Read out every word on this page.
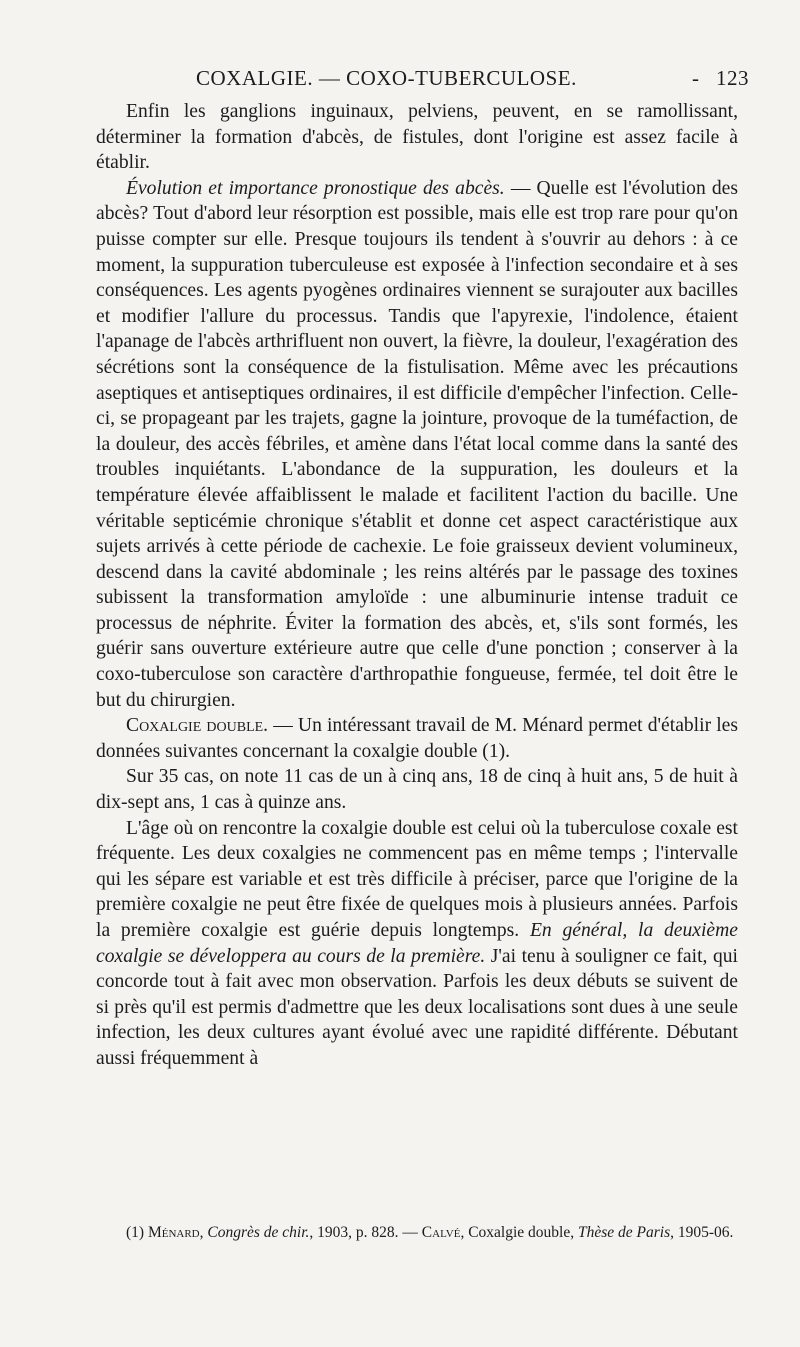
COXALGIE. — COXO-TUBERCULOSE.	- 123

Enfin les ganglions inguinaux, pelviens, peuvent, en se ramollissant, déterminer la formation d'abcès, de fistules, dont l'origine est assez facile à établir.

Évolution et importance pronostique des abcès. — Quelle est l'évolution des abcès? Tout d'abord leur résorption est possible, mais elle est trop rare pour qu'on puisse compter sur elle. Presque toujours ils tendent à s'ouvrir au dehors : à ce moment, la suppuration tuberculeuse est exposée à l'infection secondaire et à ses conséquences. Les agents pyogènes ordinaires viennent se surajouter aux bacilles et modifier l'allure du processus. Tandis que l'apyrexie, l'indolence, étaient l'apanage de l'abcès arthrifluent non ouvert, la fièvre, la douleur, l'exagération des sécrétions sont la conséquence de la fistulisation. Même avec les précautions aseptiques et antiseptiques ordinaires, il est difficile d'empêcher l'infection. Celle-ci, se propageant par les trajets, gagne la jointure, provoque de la tuméfaction, de la douleur, des accès fébriles, et amène dans l'état local comme dans la santé des troubles inquiétants. L'abondance de la suppuration, les douleurs et la température élevée affaiblissent le malade et facilitent l'action du bacille. Une véritable septicémie chronique s'établit et donne cet aspect caractéristique aux sujets arrivés à cette période de cachexie. Le foie graisseux devient volumineux, descend dans la cavité abdominale ; les reins altérés par le passage des toxines subissent la transformation amyloïde : une albuminurie intense traduit ce processus de néphrite. Éviter la formation des abcès, et, s'ils sont formés, les guérir sans ouverture extérieure autre que celle d'une ponction ; conserver à la coxo-tuberculose son caractère d'arthropathie fongueuse, fermée, tel doit être le but du chirurgien.

Coxalgie double. — Un intéressant travail de M. Ménard permet d'établir les données suivantes concernant la coxalgie double (1).

Sur 35 cas, on note 11 cas de un à cinq ans, 18 de cinq à huit ans, 5 de huit à dix-sept ans, 1 cas à quinze ans.

L'âge où on rencontre la coxalgie double est celui où la tuberculose coxale est fréquente. Les deux coxalgies ne commencent pas en même temps ; l'intervalle qui les sépare est variable et est très difficile à préciser, parce que l'origine de la première coxalgie ne peut être fixée de quelques mois à plusieurs années. Parfois la première coxalgie est guérie depuis longtemps. En général, la deuxième coxalgie se développera au cours de la première. J'ai tenu à souligner ce fait, qui concorde tout à fait avec mon observation. Parfois les deux débuts se suivent de si près qu'il est permis d'admettre que les deux localisations sont dues à une seule infection, les deux cultures ayant évolué avec une rapidité différente. Débutant aussi fréquemment à

(1) Ménard, Congrès de chir., 1903, p. 828. — Calvé, Coxalgie double, Thèse de Paris, 1905-06.
